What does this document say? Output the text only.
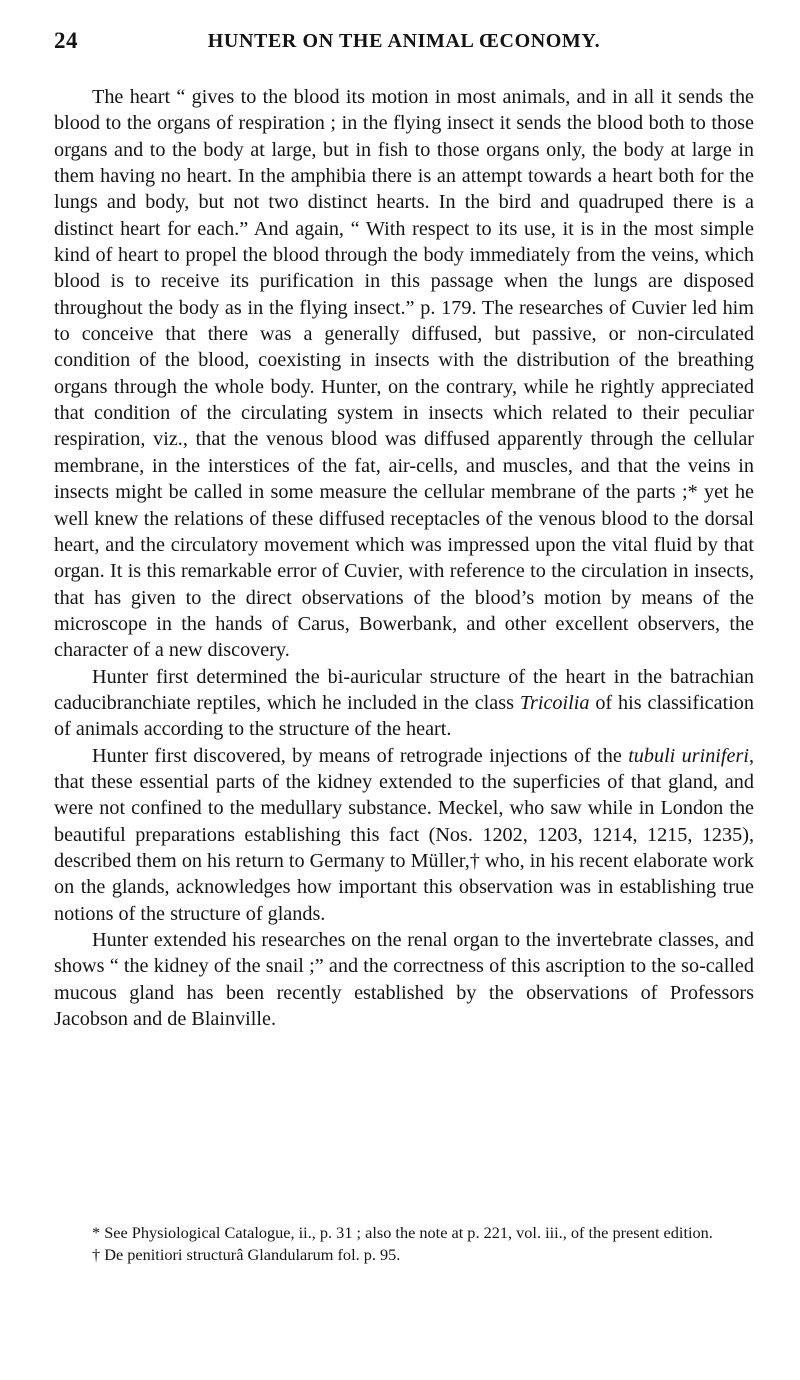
24	HUNTER ON THE ANIMAL ŒCONOMY.

The heart “ gives to the blood its motion in most animals, and in all it sends the blood to the organs of respiration ; in the flying insect it sends the blood both to those organs and to the body at large, but in fish to those organs only, the body at large in them having no heart. In the amphibia there is an attempt towards a heart both for the lungs and body, but not two distinct hearts. In the bird and quadruped there is a distinct heart for each.” And again, “ With respect to its use, it is in the most simple kind of heart to propel the blood through the body immediately from the veins, which blood is to receive its purification in this passage when the lungs are disposed throughout the body as in the flying insect.” p. 179. The researches of Cuvier led him to conceive that there was a generally diffused, but passive, or non-circulated condition of the blood, coexisting in insects with the distribution of the breathing organs through the whole body. Hunter, on the contrary, while he rightly appreciated that condition of the circulating system in insects which related to their peculiar respiration, viz., that the venous blood was diffused apparently through the cellular membrane, in the interstices of the fat, air-cells, and muscles, and that the veins in insects might be called in some measure the cellular membrane of the parts ;* yet he well knew the relations of these diffused receptacles of the venous blood to the dorsal heart, and the circulatory movement which was impressed upon the vital fluid by that organ. It is this remarkable error of Cuvier, with reference to the circulation in insects, that has given to the direct observations of the blood’s motion by means of the microscope in the hands of Carus, Bowerbank, and other excellent observers, the character of a new discovery.

Hunter first determined the bi-auricular structure of the heart in the batrachian caducibranchiate reptiles, which he included in the class Tricoilia of his classification of animals according to the structure of the heart.

Hunter first discovered, by means of retrograde injections of the tubuli uriniferi, that these essential parts of the kidney extended to the superficies of that gland, and were not confined to the medullary substance. Meckel, who saw while in London the beautiful preparations establishing this fact (Nos. 1202, 1203, 1214, 1215, 1235), described them on his return to Germany to Müller,† who, in his recent elaborate work on the glands, acknowledges how important this observation was in establishing true notions of the structure of glands.

Hunter extended his researches on the renal organ to the invertebrate classes, and shows “ the kidney of the snail ;” and the correctness of this ascription to the so-called mucous gland has been recently established by the observations of Professors Jacobson and de Blainville.

* See Physiological Catalogue, ii., p. 31 ; also the note at p. 221, vol. iii., of the present edition.

† De penitiori structurâ Glandularum fol. p. 95.
